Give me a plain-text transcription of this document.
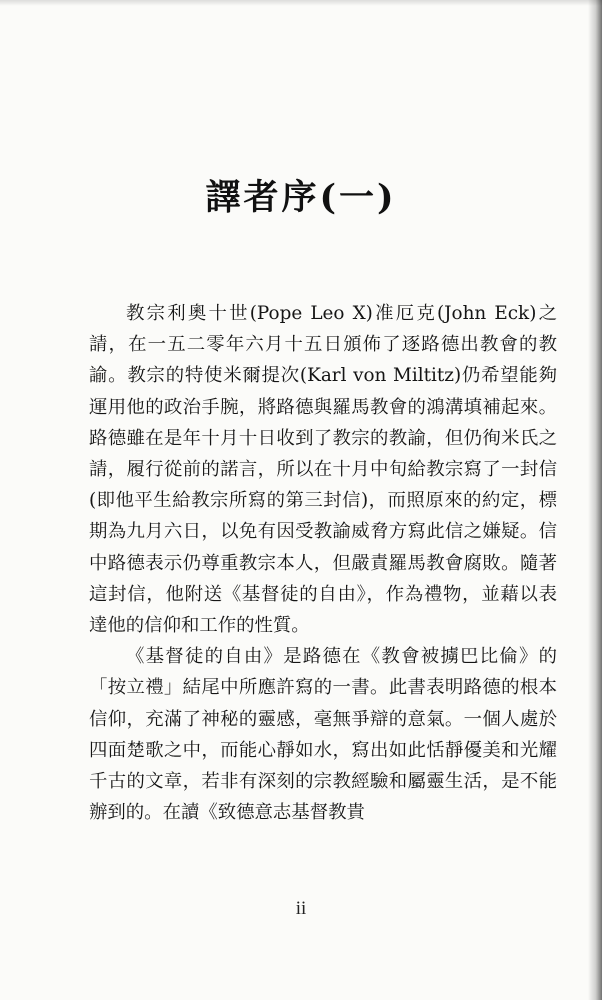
譯者序(一)

教宗利奧十世(Pope Leo X)准厄克(John Eck)之請，在一五二零年六月十五日頒佈了逐路德出教會的教諭。教宗的特使米爾提次(Karl von Miltitz)仍希望能夠運用他的政治手腕，將路德與羅馬教會的鴻溝填補起來。路德雖在是年十月十日收到了教宗的教諭，但仍徇米氏之請，履行從前的諾言，所以在十月中旬給教宗寫了一封信(即他平生給教宗所寫的第三封信)，而照原來的約定，標期為九月六日，以免有因受教諭威脅方寫此信之嫌疑。信中路德表示仍尊重教宗本人，但嚴責羅馬教會腐敗。隨著這封信，他附送《基督徒的自由》，作為禮物，並藉以表達他的信仰和工作的性質。

《基督徒的自由》是路德在《教會被擄巴比倫》的「按立禮」結尾中所應許寫的一書。此書表明路德的根本信仰，充滿了神秘的靈感，毫無爭辯的意氣。一個人處於四面楚歌之中，而能心靜如水，寫出如此恬靜優美和光耀千古的文章，若非有深刻的宗教經驗和屬靈生活，是不能辦到的。在讀《致德意志基督教貴

ii
